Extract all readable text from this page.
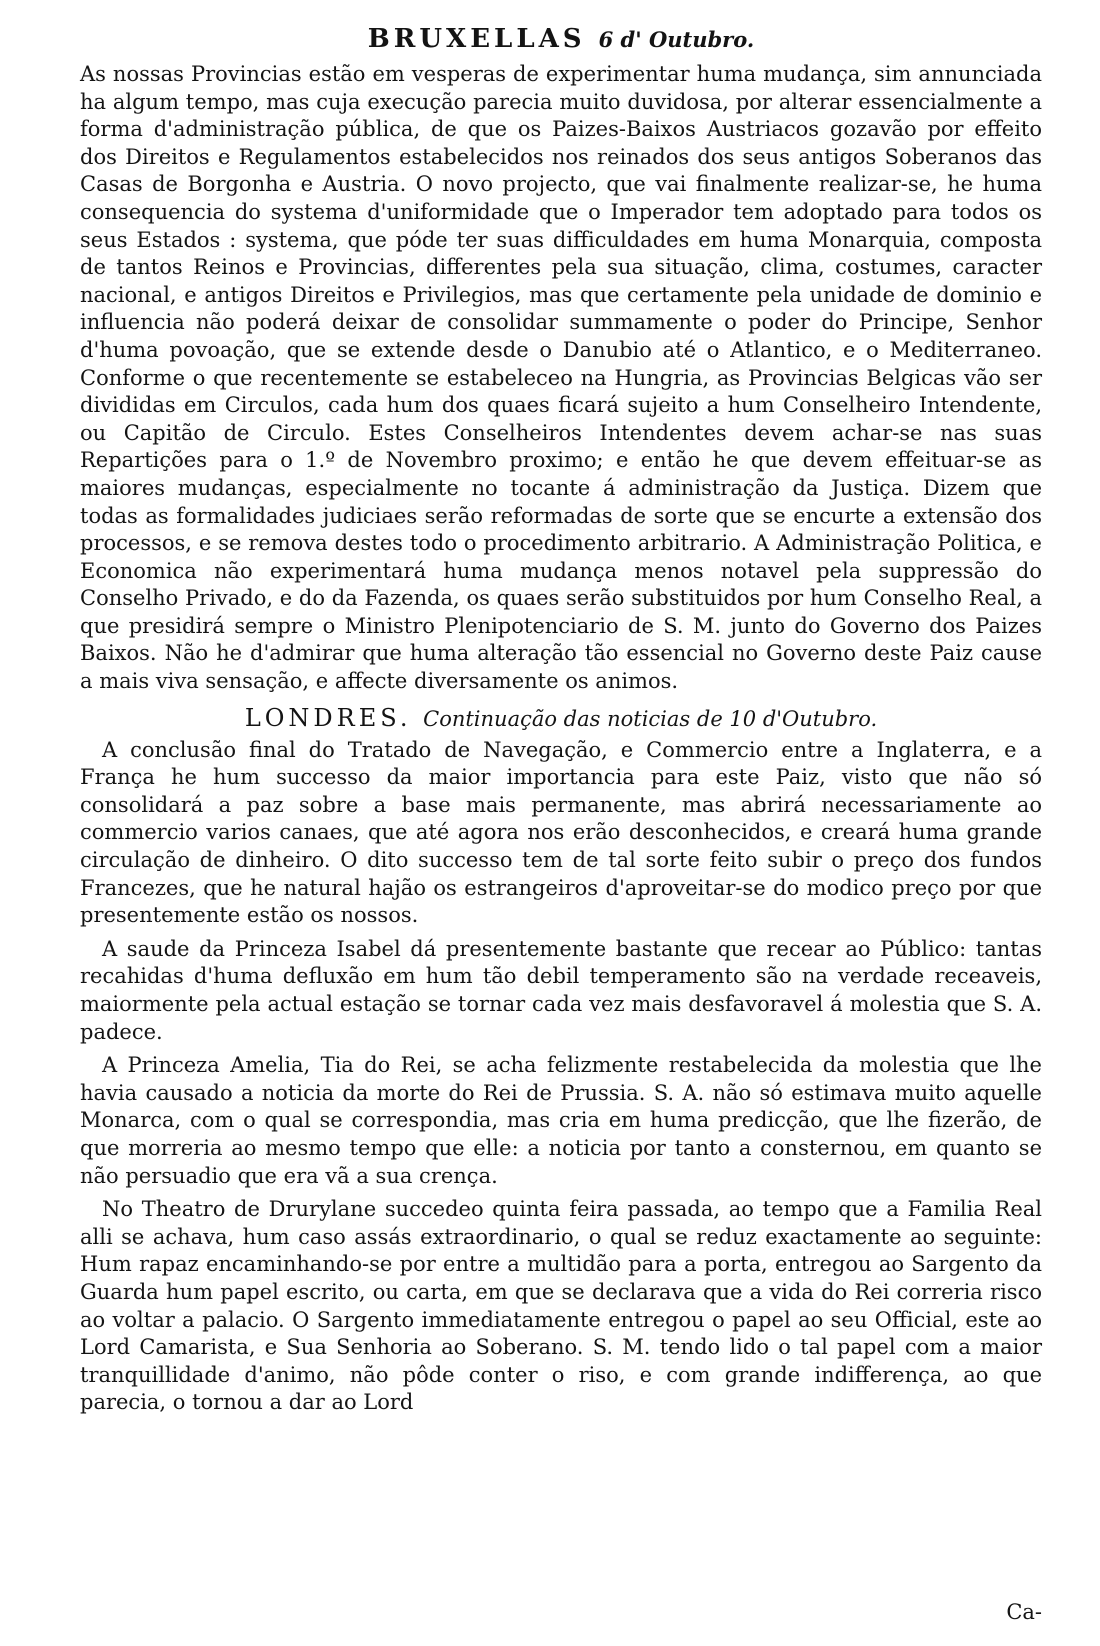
BRUXELLAS 6 d' Outubro.

As nossas Provincias estão em vesperas de experimentar huma mudança, sim annunciada ha algum tempo, mas cuja execução parecia muito duvidosa, por alterar essencialmente a forma d'administração pública, de que os Paizes-Baixos Austriacos gozavão por effeito dos Direitos e Regulamentos estabelecidos nos reinados dos seus antigos Soberanos das Casas de Borgonha e Austria. O novo projecto, que vai finalmente realizar-se, he huma consequencia do systema d'uniformidade que o Imperador tem adoptado para todos os seus Estados : systema, que póde ter suas difficuldades em huma Monarquia, composta de tantos Reinos e Provincias, differentes pela sua situação, clima, costumes, caracter nacional, e antigos Direitos e Privilegios, mas que certamente pela unidade de dominio e influencia não poderá deixar de consolidar summamente o poder do Principe, Senhor d'huma povoação, que se extende desde o Danubio até o Atlantico, e o Mediterraneo. Conforme o que recentemente se estabeleceo na Hungria, as Provincias Belgicas vão ser divididas em Circulos, cada hum dos quaes ficará sujeito a hum Conselheiro Intendente, ou Capitão de Circulo. Estes Conselheiros Intendentes devem achar-se nas suas Repartições para o 1.º de Novembro proximo; e então he que devem effeituar-se as maiores mudanças, especialmente no tocante á administração da Justiça. Dizem que todas as formalidades judiciaes serão reformadas de sorte que se encurte a extensão dos processos, e se remova destes todo o procedimento arbitrario. A Administração Politica, e Economica não experimentará huma mudança menos notavel pela suppressão do Conselho Privado, e do da Fazenda, os quaes serão substituidos por hum Conselho Real, a que presidirá sempre o Ministro Plenipotenciario de S. M. junto do Governo dos Paizes Baixos. Não he d'admirar que huma alteração tão essencial no Governo deste Paiz cause a mais viva sensação, e affecte diversamente os animos.

LONDRES. Continuação das noticias de 10 d'Outubro.

A conclusão final do Tratado de Navegação, e Commercio entre a Inglaterra, e a França he hum successo da maior importancia para este Paiz, visto que não só consolidará a paz sobre a base mais permanente, mas abrirá necessariamente ao commercio varios canaes, que até agora nos erão desconhecidos, e creará huma grande circulação de dinheiro. O dito successo tem de tal sorte feito subir o preço dos fundos Francezes, que he natural hajão os estrangeiros d'aproveitar-se do modico preço por que presentemente estão os nossos.

A saude da Princeza Isabel dá presentemente bastante que recear ao Público: tantas recahidas d'huma defluxão em hum tão debil temperamento são na verdade receaveis, maiormente pela actual estação se tornar cada vez mais desfavoravel á molestia que S. A. padece.

A Princeza Amelia, Tia do Rei, se acha felizmente restabelecida da molestia que lhe havia causado a noticia da morte do Rei de Prussia. S. A. não só estimava muito aquelle Monarca, com o qual se correspondia, mas cria em huma predicção, que lhe fizerão, de que morreria ao mesmo tempo que elle: a noticia por tanto a consternou, em quanto se não persuadio que era vã a sua crença.

No Theatro de Drurylane succedeo quinta feira passada, ao tempo que a Familia Real alli se achava, hum caso assás extraordinario, o qual se reduz exactamente ao seguinte: Hum rapaz encaminhando-se por entre a multidão para a porta, entregou ao Sargento da Guarda hum papel escrito, ou carta, em que se declarava que a vida do Rei correria risco ao voltar a palacio. O Sargento immediatamente entregou o papel ao seu Official, este ao Lord Camarista, e Sua Senhoria ao Soberano. S. M. tendo lido o tal papel com a maior tranquillidade d'animo, não pôde conter o riso, e com grande indifferença, ao que parecia, o tornou a dar ao Lord

Ca-
